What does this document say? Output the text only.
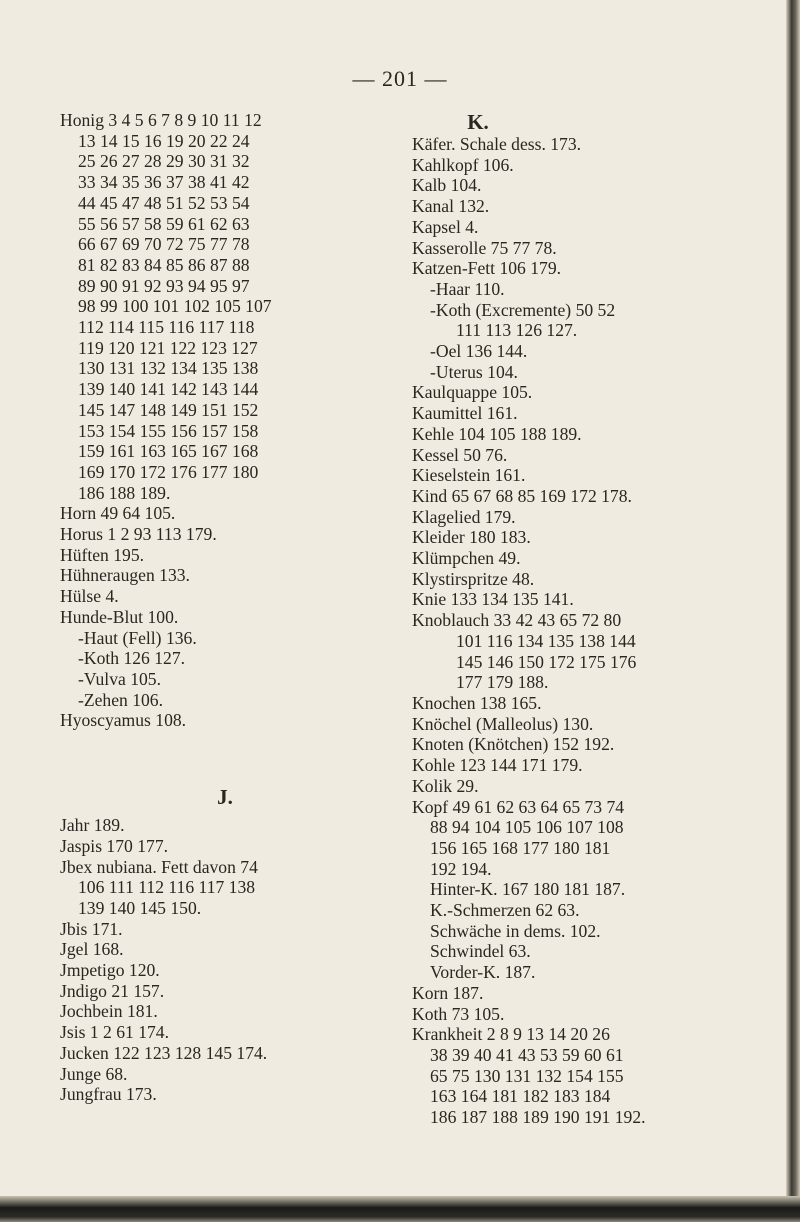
— 201 —
Honig 3 4 5 6 7 8 9 10 11 12
13 14 15 16 19 20 22 24
25 26 27 28 29 30 31 32
33 34 35 36 37 38 41 42
44 45 47 48 51 52 53 54
55 56 57 58 59 61 62 63
66 67 69 70 72 75 77 78
81 82 83 84 85 86 87 88
89 90 91 92 93 94 95 97
98 99 100 101 102 105 107
112 114 115 116 117 118
119 120 121 122 123 127
130 131 132 134 135 138
139 140 141 142 143 144
145 147 148 149 151 152
153 154 155 156 157 158
159 161 163 165 167 168
169 170 172 176 177 180
186 188 189.
Horn 49 64 105.
Horus 1 2 93 113 179.
Hüften 195.
Hühneraugen 133.
Hülse 4.
Hunde-Blut 100.
-Haut (Fell) 136.
-Koth 126 127.
-Vulva 105.
-Zehen 106.
Hyoscyamus 108.
J.
Jahr 189.
Jaspis 170 177.
Jbex nubiana. Fett davon 74
106 111 112 116 117 138
139 140 145 150.
Jbis 171.
Jgel 168.
Jmpetigo 120.
Jndigo 21 157.
Jochbein 181.
Jsis 1 2 61 174.
Jucken 122 123 128 145 174.
Junge 68.
Jungfrau 173.
K.
Käfer. Schale dess. 173.
Kahlkopf 106.
Kalb 104.
Kanal 132.
Kapsel 4.
Kasserolle 75 77 78.
Katzen-Fett 106 179.
-Haar 110.
-Koth (Excremente) 50 52
111 113 126 127.
-Oel 136 144.
-Uterus 104.
Kaulquappe 105.
Kaumittel 161.
Kehle 104 105 188 189.
Kessel 50 76.
Kieselstein 161.
Kind 65 67 68 85 169 172 178.
Klagelied 179.
Kleider 180 183.
Klümpchen 49.
Klystirspritze 48.
Knie 133 134 135 141.
Knoblauch 33 42 43 65 72 80
101 116 134 135 138 144
145 146 150 172 175 176
177 179 188.
Knochen 138 165.
Knöchel (Malleolus) 130.
Knoten (Knötchen) 152 192.
Kohle 123 144 171 179.
Kolik 29.
Kopf 49 61 62 63 64 65 73 74
88 94 104 105 106 107 108
156 165 168 177 180 181
192 194.
Hinter-K. 167 180 181 187.
K.-Schmerzen 62 63.
Schwäche in dems. 102.
Schwindel 63.
Vorder-K. 187.
Korn 187.
Koth 73 105.
Krankheit 2 8 9 13 14 20 26
38 39 40 41 43 53 59 60 61
65 75 130 131 132 154 155
163 164 181 182 183 184
186 187 188 189 190 191 192.
